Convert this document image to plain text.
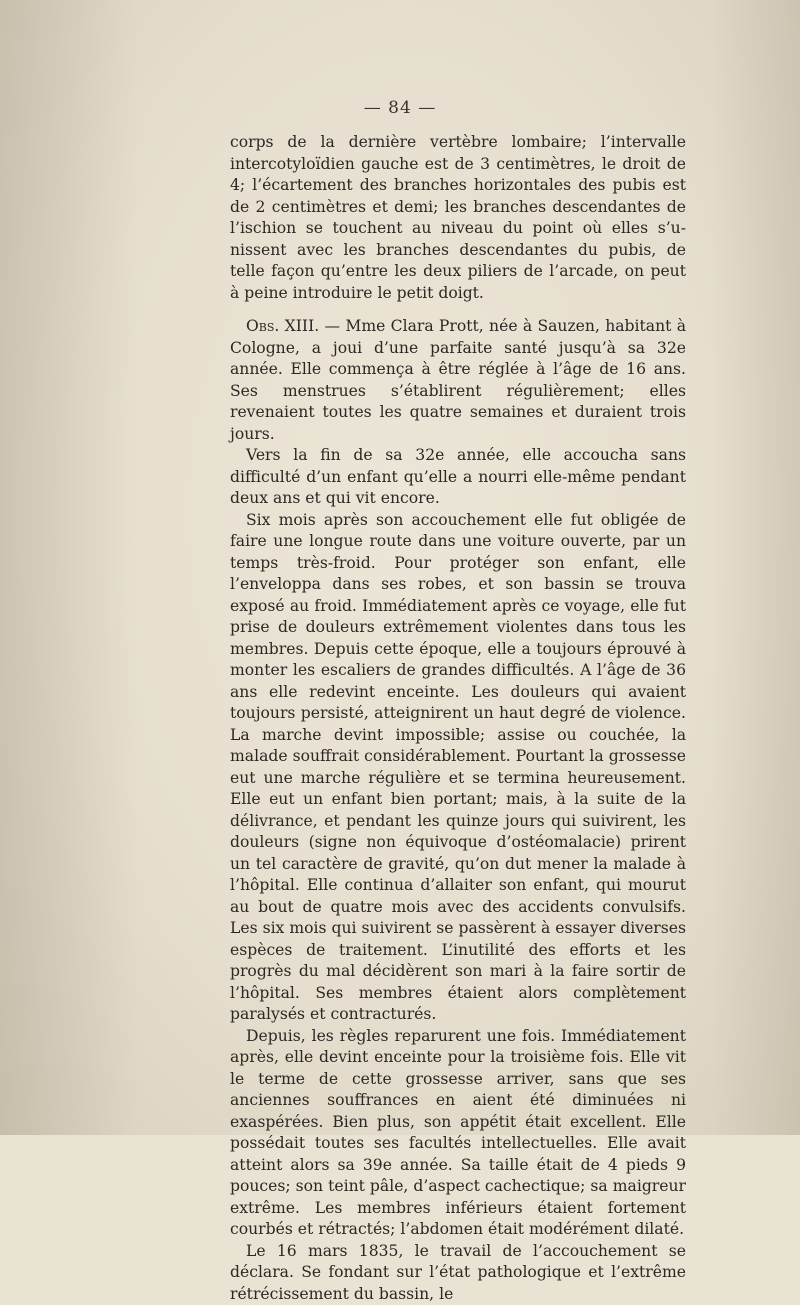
— 84 —

corps de la dernière vertèbre lombaire; l’intervalle intercotyloïdien gauche est de 3 centimètres, le droit de 4; l’écartement des branches horizontales des pubis est de 2 centimètres et demi; les branches descendantes de l’ischion se touchent au niveau du point où elles s’unissent avec les branches descendantes du pubis, de telle façon qu’entre les deux piliers de l’arcade, on peut à peine introduire le petit doigt.

Obs. XIII. — Mme Clara Prott, née à Sauzen, habitant à Cologne, a joui d’une parfaite santé jusqu’à sa 32e année. Elle commença à être réglée à l’âge de 16 ans. Ses menstrues s’établirent régulièrement; elles revenaient toutes les quatre semaines et duraient trois jours.

Vers la fin de sa 32e année, elle accoucha sans difficulté d’un enfant qu’elle a nourri elle-même pendant deux ans et qui vit encore.

Six mois après son accouchement elle fut obligée de faire une longue route dans une voiture ouverte, par un temps très-froid. Pour protéger son enfant, elle l’enveloppa dans ses robes, et son bassin se trouva exposé au froid. Immédiatement après ce voyage, elle fut prise de douleurs extrêmement violentes dans tous les membres. Depuis cette époque, elle a toujours éprouvé à monter les escaliers de grandes difficultés. A l’âge de 36 ans elle redevint enceinte. Les douleurs qui avaient toujours persisté, atteignirent un haut degré de violence. La marche devint impossible; assise ou couchée, la malade souffrait considérablement. Pourtant la grossesse eut une marche régulière et se termina heureusement. Elle eut un enfant bien portant; mais, à la suite de la délivrance, et pendant les quinze jours qui suivirent, les douleurs (signe non équivoque d’ostéomalacie) prirent un tel caractère de gravité, qu’on dut mener la malade à l’hôpital. Elle continua d’allaiter son enfant, qui mourut au bout de quatre mois avec des accidents convulsifs. Les six mois qui suivirent se passèrent à essayer diverses espèces de traitement. L’inutilité des efforts et les progrès du mal décidèrent son mari à la faire sortir de l’hôpital. Ses membres étaient alors complètement paralysés et contracturés.

Depuis, les règles reparurent une fois. Immédiatement après, elle devint enceinte pour la troisième fois. Elle vit le terme de cette grossesse arriver, sans que ses anciennes souffrances en aient été diminuées ni exaspérées. Bien plus, son appétit était excellent. Elle possédait toutes ses facultés intellectuelles. Elle avait atteint alors sa 39e année. Sa taille était de 4 pieds 9 pouces; son teint pâle, d’aspect cachectique; sa maigreur extrême. Les membres inférieurs étaient fortement courbés et rétractés; l’abdomen était modérément dilaté.

Le 16 mars 1835, le travail de l’accouchement se déclara. Se fondant sur l’état pathologique et l’extrême rétrécissement du bassin, le
